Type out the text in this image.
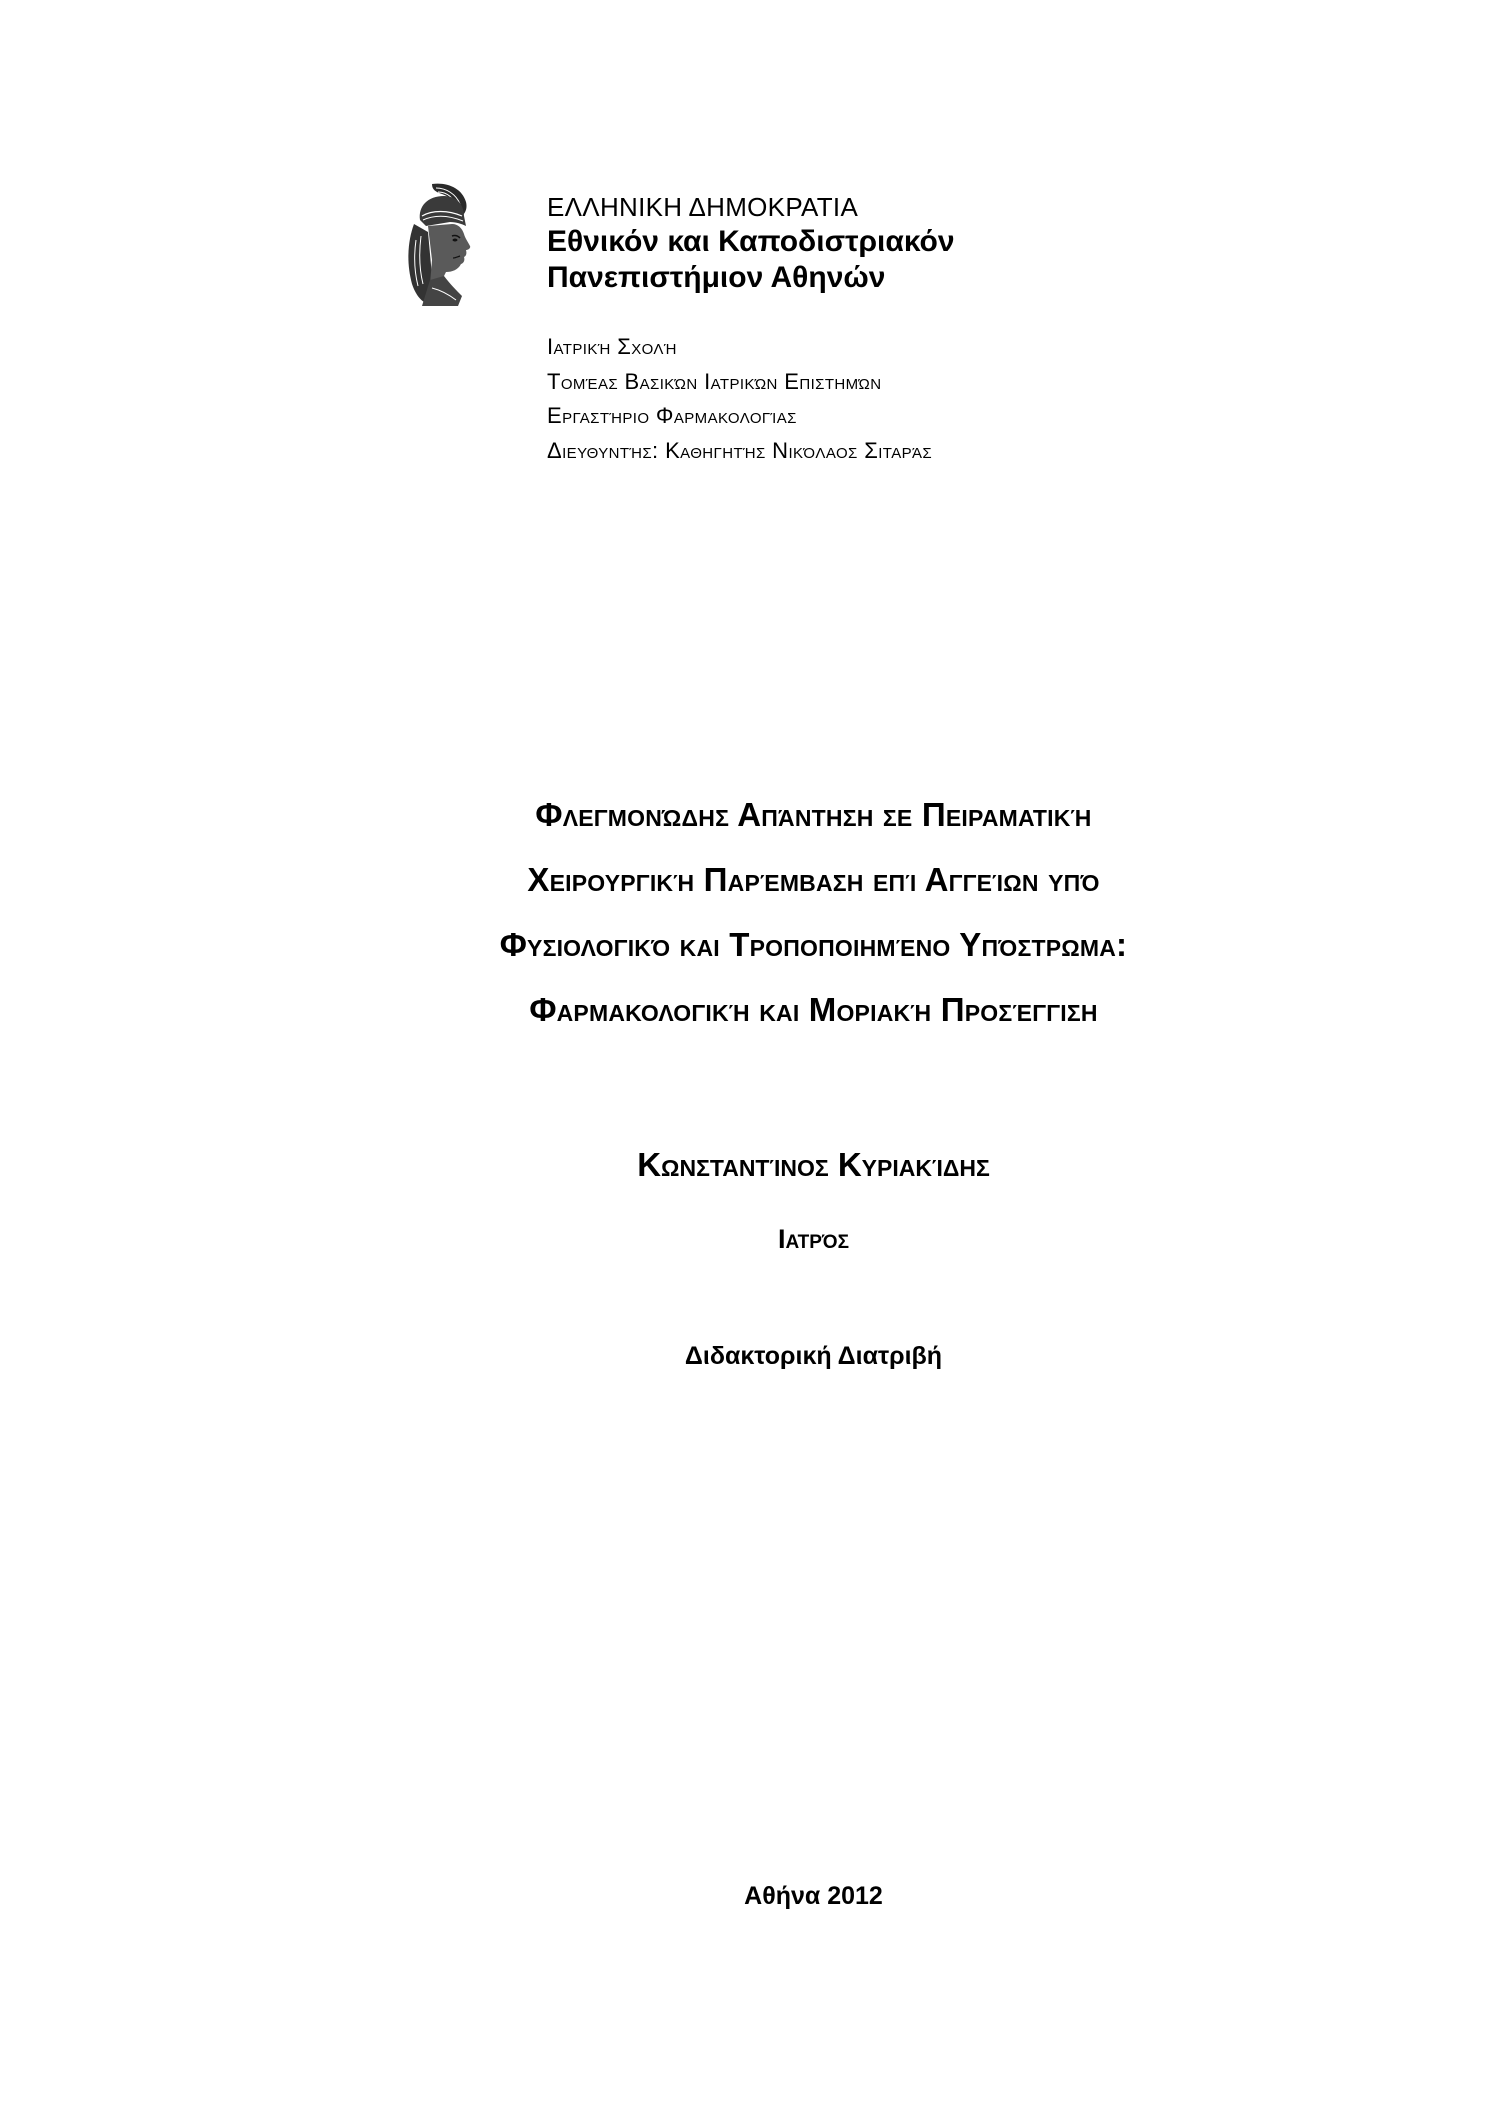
ΕΛΛΗΝΙΚΗ ΔΗΜΟΚΡΑΤΙΑ
Εθνικόν και Καποδιστριακόν
Πανεπιστήμιον Αθηνών
Ιατρική Σχολή
Τομέας Βασικών Ιατρικών Επιστημών
Εργαστήριο Φαρμακολογίας
Διευθυντής: Καθηγητής Νικόλαος Σιταράς
Φλεγμονώδης Απάντηση σε Πειραματική
Χειρουργική Παρέμβαση επί Αγγείων υπό
Φυσιολογικό και Τροποποιημένο Υπόστρωμα:
Φαρμακολογική και Μοριακή Προσέγγιση
Κωνσταντίνος Κυριακίδης
Ιατρός
Διδακτορική Διατριβή
Αθήνα 2012
